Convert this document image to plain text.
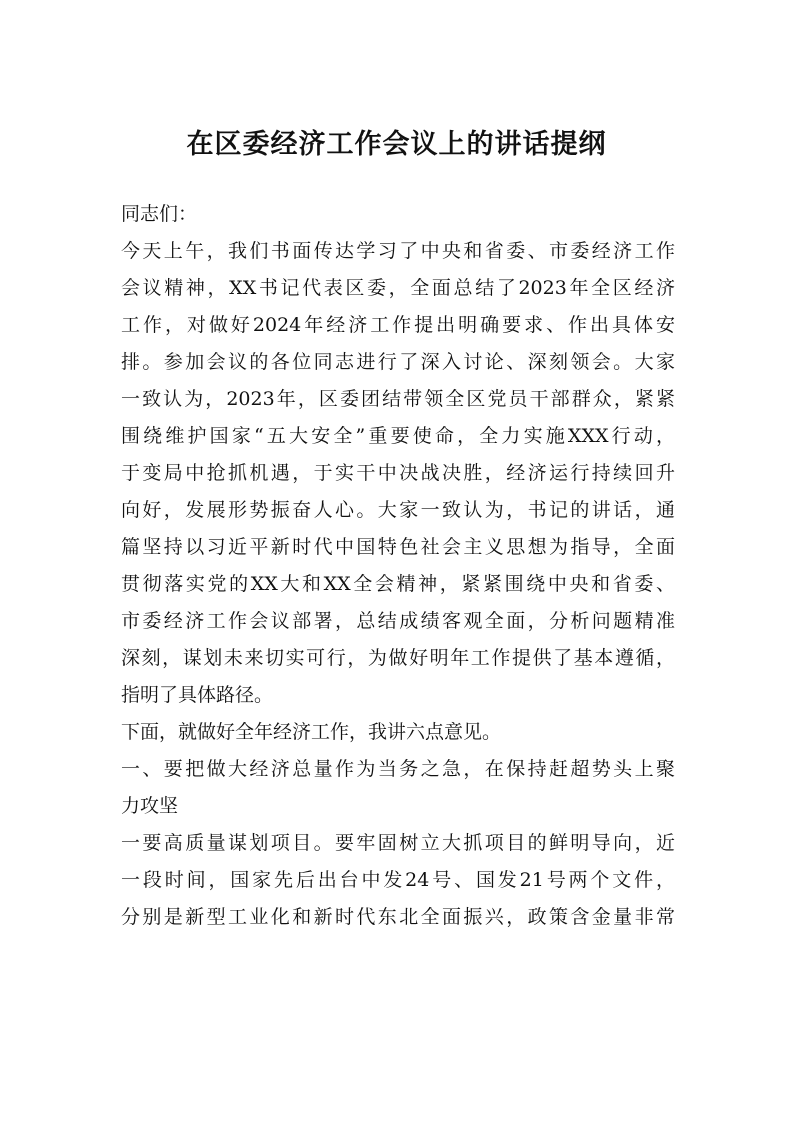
在区委经济工作会议上的讲话提纲
同志们：
今天上午，我们书面传达学习了中央和省委、市委经济工作
会议精神，XX书记代表区委，全面总结了2023年全区经济
工作，对做好2024年经济工作提出明确要求、作出具体安
排。参加会议的各位同志进行了深入讨论、深刻领会。大家
一致认为，2023年，区委团结带领全区党员干部群众，紧紧
围绕维护国家“五大安全”重要使命，全力实施XXX行动，
于变局中抢抓机遇，于实干中决战决胜，经济运行持续回升
向好，发展形势振奋人心。大家一致认为，书记的讲话，通
篇坚持以习近平新时代中国特色社会主义思想为指导，全面
贯彻落实党的XX大和XX全会精神，紧紧围绕中央和省委、
市委经济工作会议部署，总结成绩客观全面，分析问题精准
深刻，谋划未来切实可行，为做好明年工作提供了基本遵循，
指明了具体路径。
下面，就做好全年经济工作，我讲六点意见。
一、要把做大经济总量作为当务之急，在保持赶超势头上聚
力攻坚
一要高质量谋划项目。要牢固树立大抓项目的鲜明导向，近
一段时间，国家先后出台中发24号、国发21号两个文件，
分别是新型工业化和新时代东北全面振兴，政策含金量非常
